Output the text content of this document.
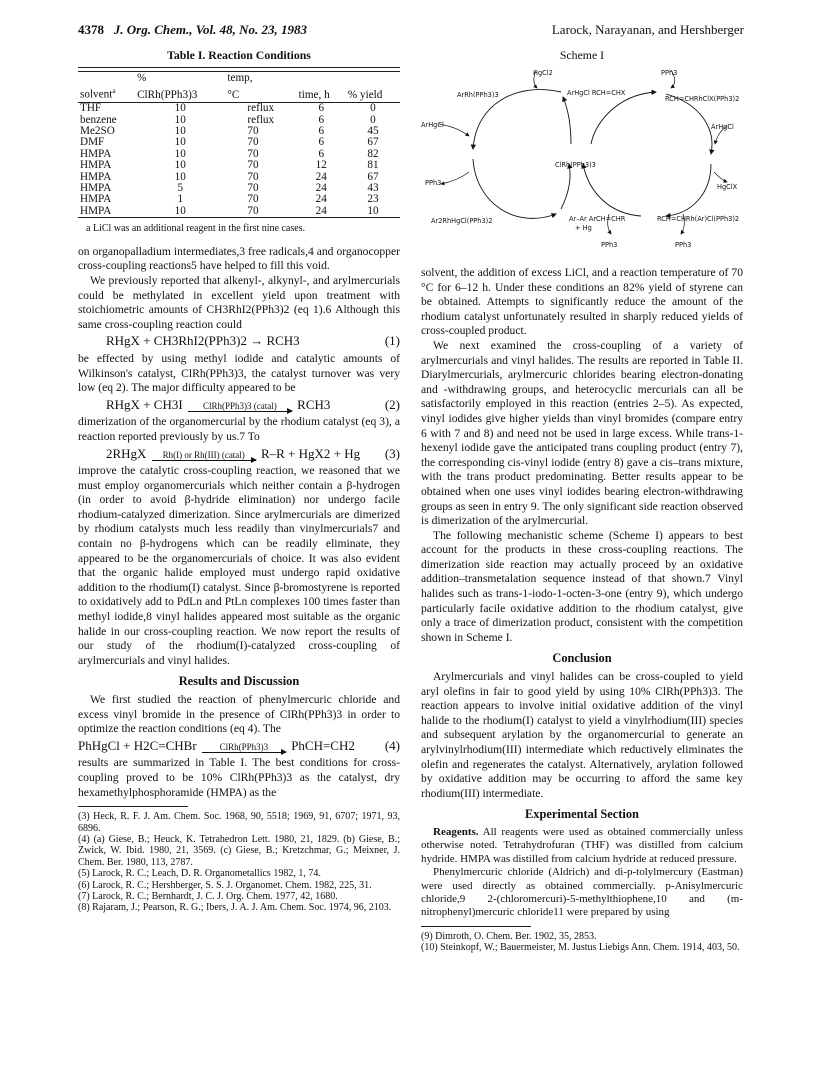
4378 J. Org. Chem., Vol. 48, No. 23, 1983	Larock, Narayanan, and Hershberger
Table I. Reaction Conditions

	%	temp,		
solvent$^a$	ClRh(PPh3)3	°C	time, h	% yield
THF	10	reflux	6	0
benzene	10	reflux	6	0
Me2SO	10	70	6	45
DMF	10	70	6	67
HMPA	10	70	6	82
HMPA	10	70	12	81
HMPA	10	70	24	67
HMPA	5	70	24	43
HMPA	1	70	24	23
HMPA	10	70	24	10
a LiCl was an additional reagent in the first nine cases.

on organopalladium intermediates,3 free radicals,4 and organocopper cross-coupling reactions5 have helped to fill this void.

We previously reported that alkenyl-, alkynyl-, and arylmercurials could be methylated in excellent yield upon treatment with stoichiometric amounts of CH3RhI2(PPh3)2 (eq 1).6 Although this same cross-coupling reaction could

RHgX + CH3RhI2(PPh3)2 → RCH3	(1)

be effected by using methyl iodide and catalytic amounts of Wilkinson's catalyst, ClRh(PPh3)3, the catalyst turnover was very low (eq 2). The major difficulty appeared to be

RHgX + CH3I ClRh(PPh3)3 (catal) RCH3	(2)

dimerization of the organomercurial by the rhodium catalyst (eq 3), a reaction reported previously by us.7 To

2RHgX Rh(I) or Rh(III) (catal) R–R + HgX2 + Hg (3)

improve the catalytic cross-coupling reaction, we reasoned that we must employ organomercurials which neither contain a β-hydrogen (in order to avoid β-hydride elimination) nor undergo facile rhodium-catalyzed dimerization. Since arylmercurials are dimerized by rhodium catalysts much less readily than vinylmercurials7 and contain no β-hydrogens which can be readily eliminate, they appeared to be the organomercurials of choice. It was also evident that the organic halide employed must undergo rapid oxidative addition to the rhodium(I) catalyst. Since β-bromostyrene is reported to oxidatively add to PdLn and PtLn complexes 100 times faster than methyl iodide,8 vinyl halides appeared most suitable as the organic halide in our cross-coupling reaction. We now report the results of our study of the rhodium(I)-catalyzed cross-coupling of arylmercurials and vinyl halides.

Results and Discussion

We first studied the reaction of phenylmercuric chloride and excess vinyl bromide in the presence of ClRh(PPh3)3 in order to optimize the reaction conditions (eq 4). The

PhHgCl + H2C=CHBr	ClRh(PPh3)3 PhCH=CH2 (4)

results are summarized in Table I. The best conditions for cross-coupling proved to be 10% ClRh(PPh3)3 as the catalyst, dry hexamethylphosphoramide (HMPA) as the

(3) Heck, R. F. J. Am. Chem. Soc. 1968, 90, 5518; 1969, 91, 6707; 1971, 93, 6896.

(4) (a) Giese, B.; Heuck, K. Tetrahedron Lett. 1980, 21, 1829. (b) Giese, B.; Zwick, W. Ibid. 1980, 21, 3569. (c) Giese, B.; Kretzchmar, G.; Meixner, J. Chem. Ber. 1980, 113, 2787.

(5) Larock, R. C.; Leach, D. R. Organometallics 1982, 1, 74.

(6) Larock, R. C.; Hershberger, S. S. J. Organomet. Chem. 1982, 225, 31.

(7) Larock, R. C.; Bernhardt, J. C. J. Org. Chem. 1977, 42, 1680.

(8) Rajaram, J.; Pearson, R. G.; Ibers, J. A. J. Am. Chem. Soc. 1974, 96, 2103.

Scheme I
HgCl2	PPh3
ArRh(PPh3)3	ArHgCl RCH=CHX
RCH=CHRhClX(PPh3)2
ArHgCl	ArHgCl
PPh3
ClRh(PPh3)3
HgClX
Ar2RhHgCl(PPh3)2	Ar–Ar ArCH=CHR
+ Hg
RCH=CHRh(Ar)Cl(PPh3)2
PPh3	PPh3

solvent, the addition of excess LiCl, and a reaction temperature of 70 °C for 6–12 h. Under these conditions an 82% yield of styrene can be obtained. Attempts to significantly reduce the amount of the rhodium catalyst unfortunately resulted in sharply reduced yields of cross-coupled product.

We next examined the cross-coupling of a variety of arylmercurials and vinyl halides. The results are reported in Table II. Diarylmercurials, arylmercuric chlorides bearing electron-donating and -withdrawing groups, and heterocyclic mercurials can all be satisfactorily employed in this reaction (entries 2–5). As expected, vinyl iodides give higher yields than vinyl bromides (compare entry 6 with 7 and 8) and need not be used in large excess. While trans-1-hexenyl iodide gave the anticipated trans coupling product (entry 7), the corresponding cis-vinyl iodide (entry 8) gave a cis–trans mixture, with the trans product predominating. Better results appear to be obtained when one uses vinyl iodides bearing electron-withdrawing groups as seen in entry 9. The only significant side reaction observed is dimerization of the arylmercurial.

The following mechanistic scheme (Scheme I) appears to best account for the products in these cross-coupling reactions. The dimerization side reaction may actually proceed by an oxidative addition–transmetalation sequence instead of that shown.7 Vinyl halides such as trans-1-iodo-1-octen-3-one (entry 9), which undergo particularly facile oxidative addition to the rhodium catalyst, give only a trace of dimerization product, consistent with the competition shown in Scheme I.

Conclusion

Arylmercurials and vinyl halides can be cross-coupled to yield aryl olefins in fair to good yield by using 10% ClRh(PPh3)3. The reaction appears to involve initial oxidative addition of the vinyl halide to the rhodium(I) catalyst to yield a vinylrhodium(III) species and subsequent arylation by the organomercurial to generate an arylvinylrhodium(III) intermediate which reductively eliminates the olefin and regenerates the catalyst. Alternatively, arylation followed by oxidative addition may be occurring to afford the same key rhodium(III) intermediate.

Experimental Section

Reagents. All reagents were used as obtained commercially unless otherwise noted. Tetrahydrofuran (THF) was distilled from calcium hydride. HMPA was distilled from calcium hydride at reduced pressure.

Phenylmercuric chloride (Aldrich) and di-p-tolylmercury (Eastman) were used directly as obtained commercially. p-Anisylmercuric chloride,9 2-(chloromercuri)-5-methylthiophene,10 and (m-nitrophenyl)mercuric chloride11 were prepared by using

(9) Dimroth, O. Chem. Ber. 1902, 35, 2853.

(10) Steinkopf, W.; Bauermeister, M. Justus Liebigs Ann. Chem. 1914, 403, 50.
